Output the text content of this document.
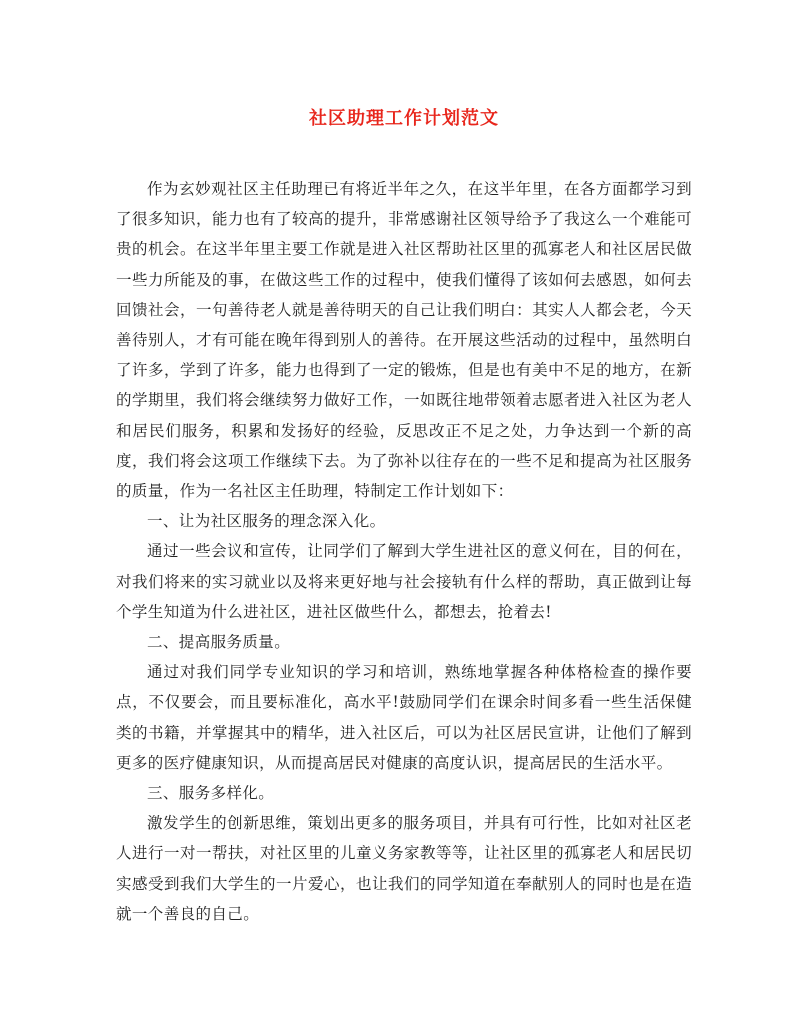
社区助理工作计划范文

作为玄妙观社区主任助理已有将近半年之久，在这半年里，在各方面都学习到了很多知识，能力也有了较高的提升，非常感谢社区领导给予了我这么一个难能可贵的机会。在这半年里主要工作就是进入社区帮助社区里的孤寡老人和社区居民做一些力所能及的事，在做这些工作的过程中，使我们懂得了该如何去感恩，如何去回馈社会，一句善待老人就是善待明天的自己让我们明白：其实人人都会老，今天善待别人，才有可能在晚年得到别人的善待。在开展这些活动的过程中，虽然明白了许多，学到了许多，能力也得到了一定的锻炼，但是也有美中不足的地方，在新的学期里，我们将会继续努力做好工作，一如既往地带领着志愿者进入社区为老人和居民们服务，积累和发扬好的经验，反思改正不足之处，力争达到一个新的高度，我们将会这项工作继续下去。为了弥补以往存在的一些不足和提高为社区服务的质量，作为一名社区主任助理，特制定工作计划如下：

一、让为社区服务的理念深入化。

通过一些会议和宣传，让同学们了解到大学生进社区的意义何在，目的何在，对我们将来的实习就业以及将来更好地与社会接轨有什么样的帮助，真正做到让每个学生知道为什么进社区，进社区做些什么，都想去，抢着去!

二、提高服务质量。

通过对我们同学专业知识的学习和培训，熟练地掌握各种体格检查的操作要点，不仅要会，而且要标准化，高水平!鼓励同学们在课余时间多看一些生活保健类的书籍，并掌握其中的精华，进入社区后，可以为社区居民宣讲，让他们了解到更多的医疗健康知识，从而提高居民对健康的高度认识，提高居民的生活水平。

三、服务多样化。

激发学生的创新思维，策划出更多的服务项目，并具有可行性，比如对社区老人进行一对一帮扶，对社区里的儿童义务家教等等，让社区里的孤寡老人和居民切实感受到我们大学生的一片爱心，也让我们的同学知道在奉献别人的同时也是在造就一个善良的自己。
